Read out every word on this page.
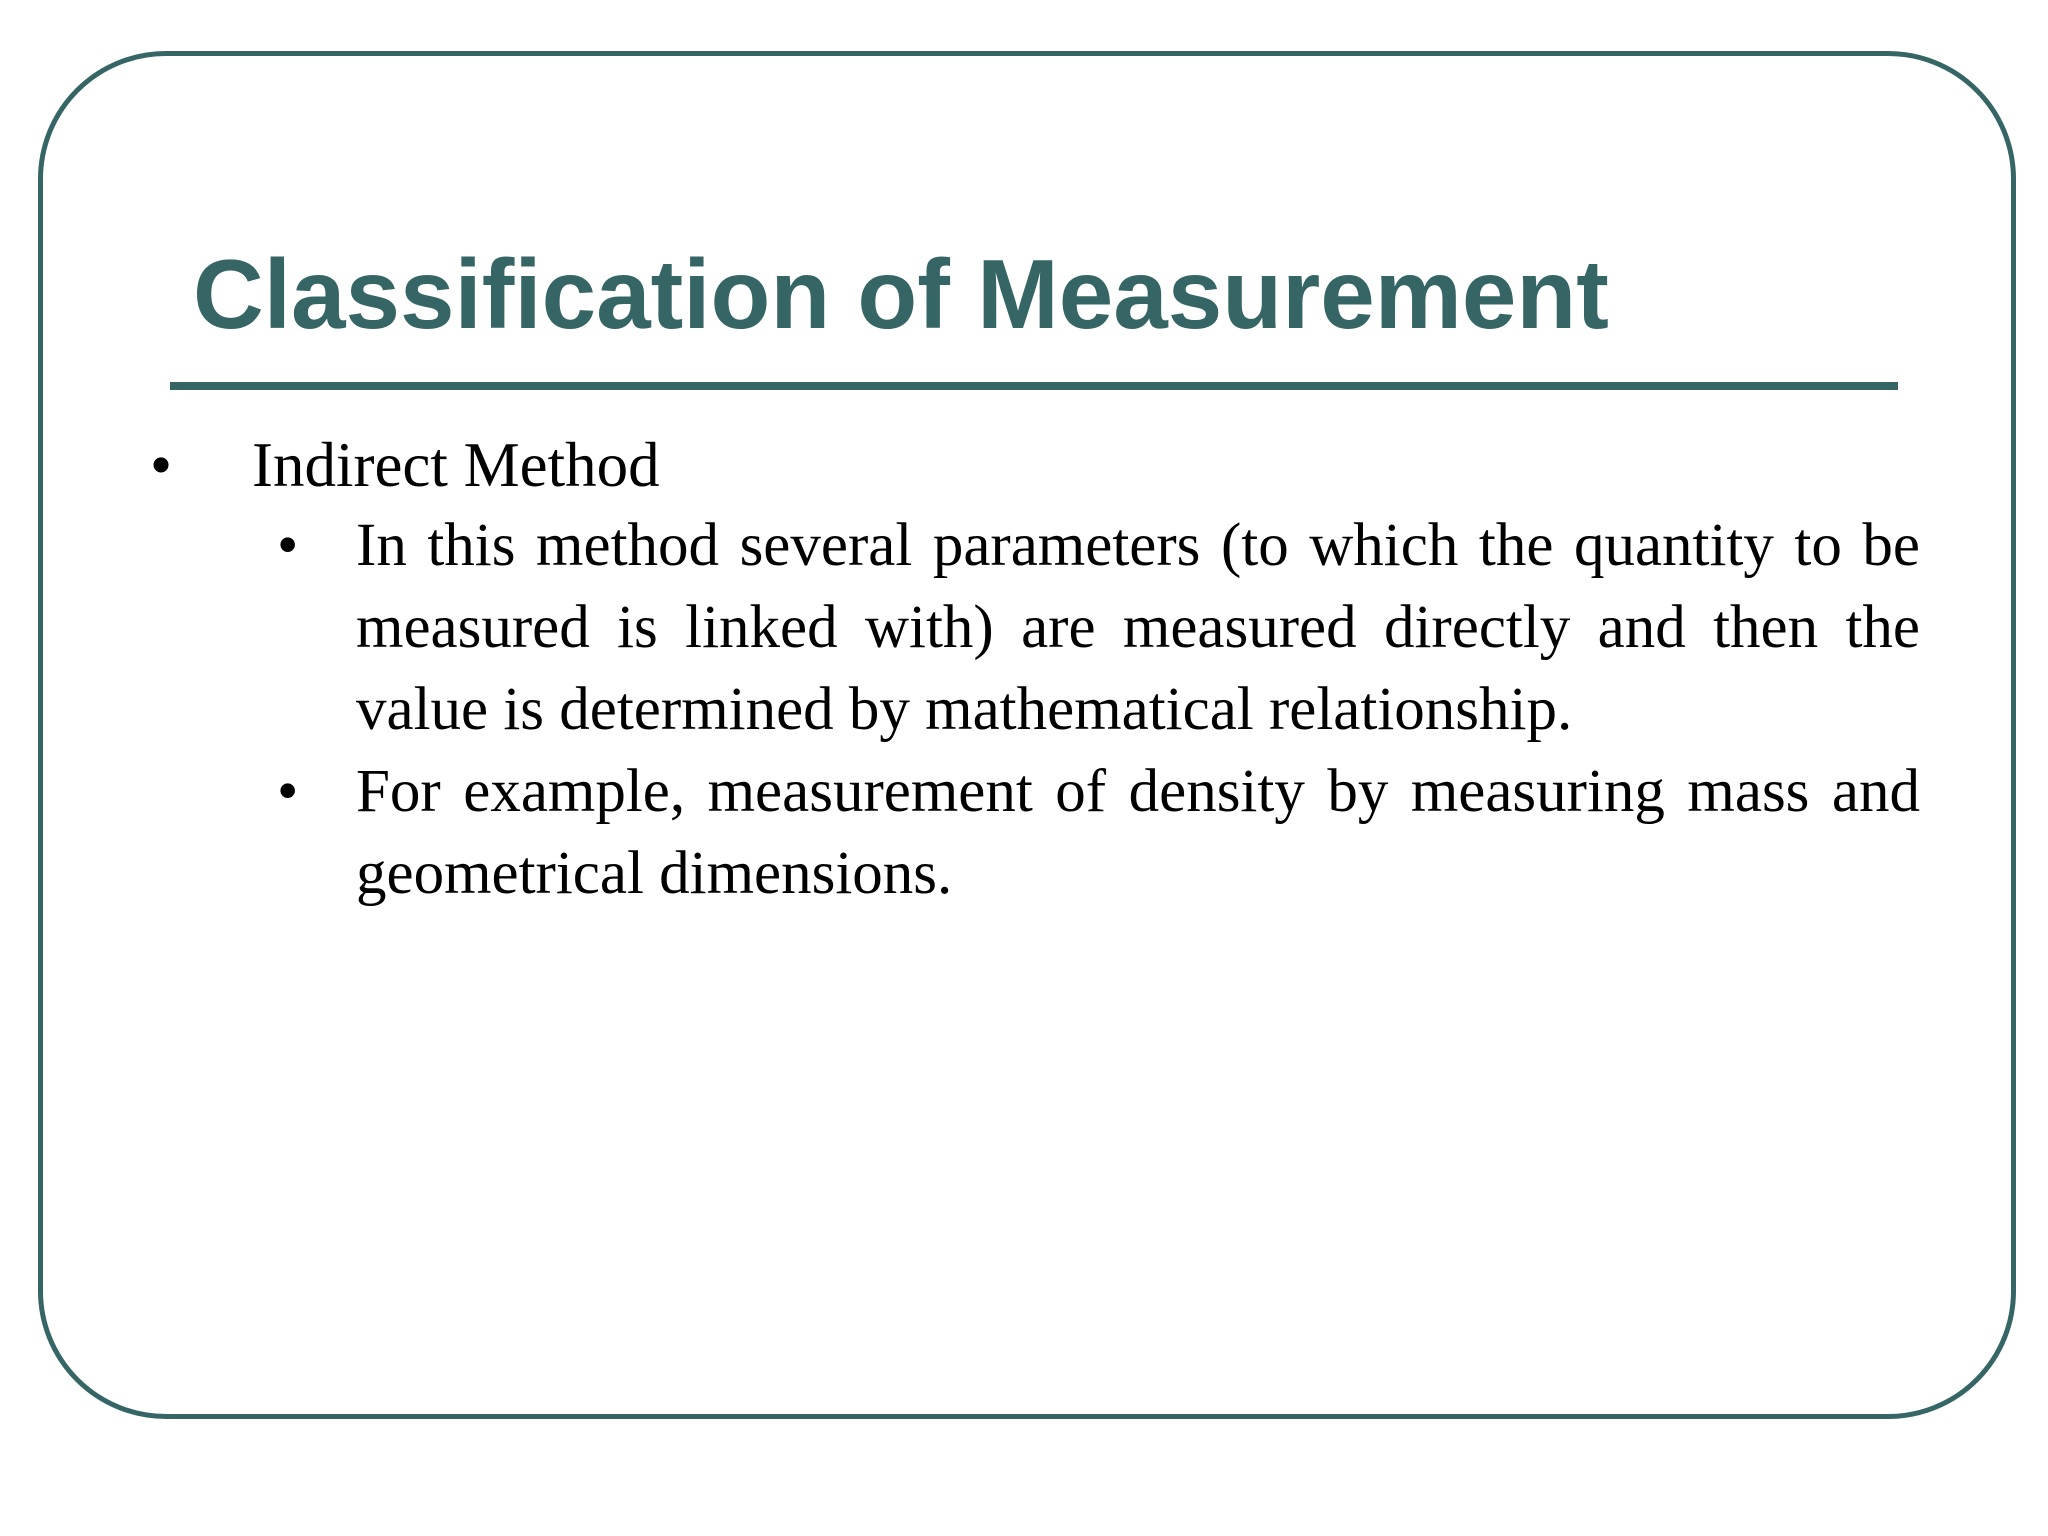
Classification of Measurement

• Indirect Method

• In this method several parameters (to which the quantity to be measured is linked with) are measured directly and then the value is determined by mathematical relationship.
• For example, measurement of density by measuring mass and geometrical dimensions.
